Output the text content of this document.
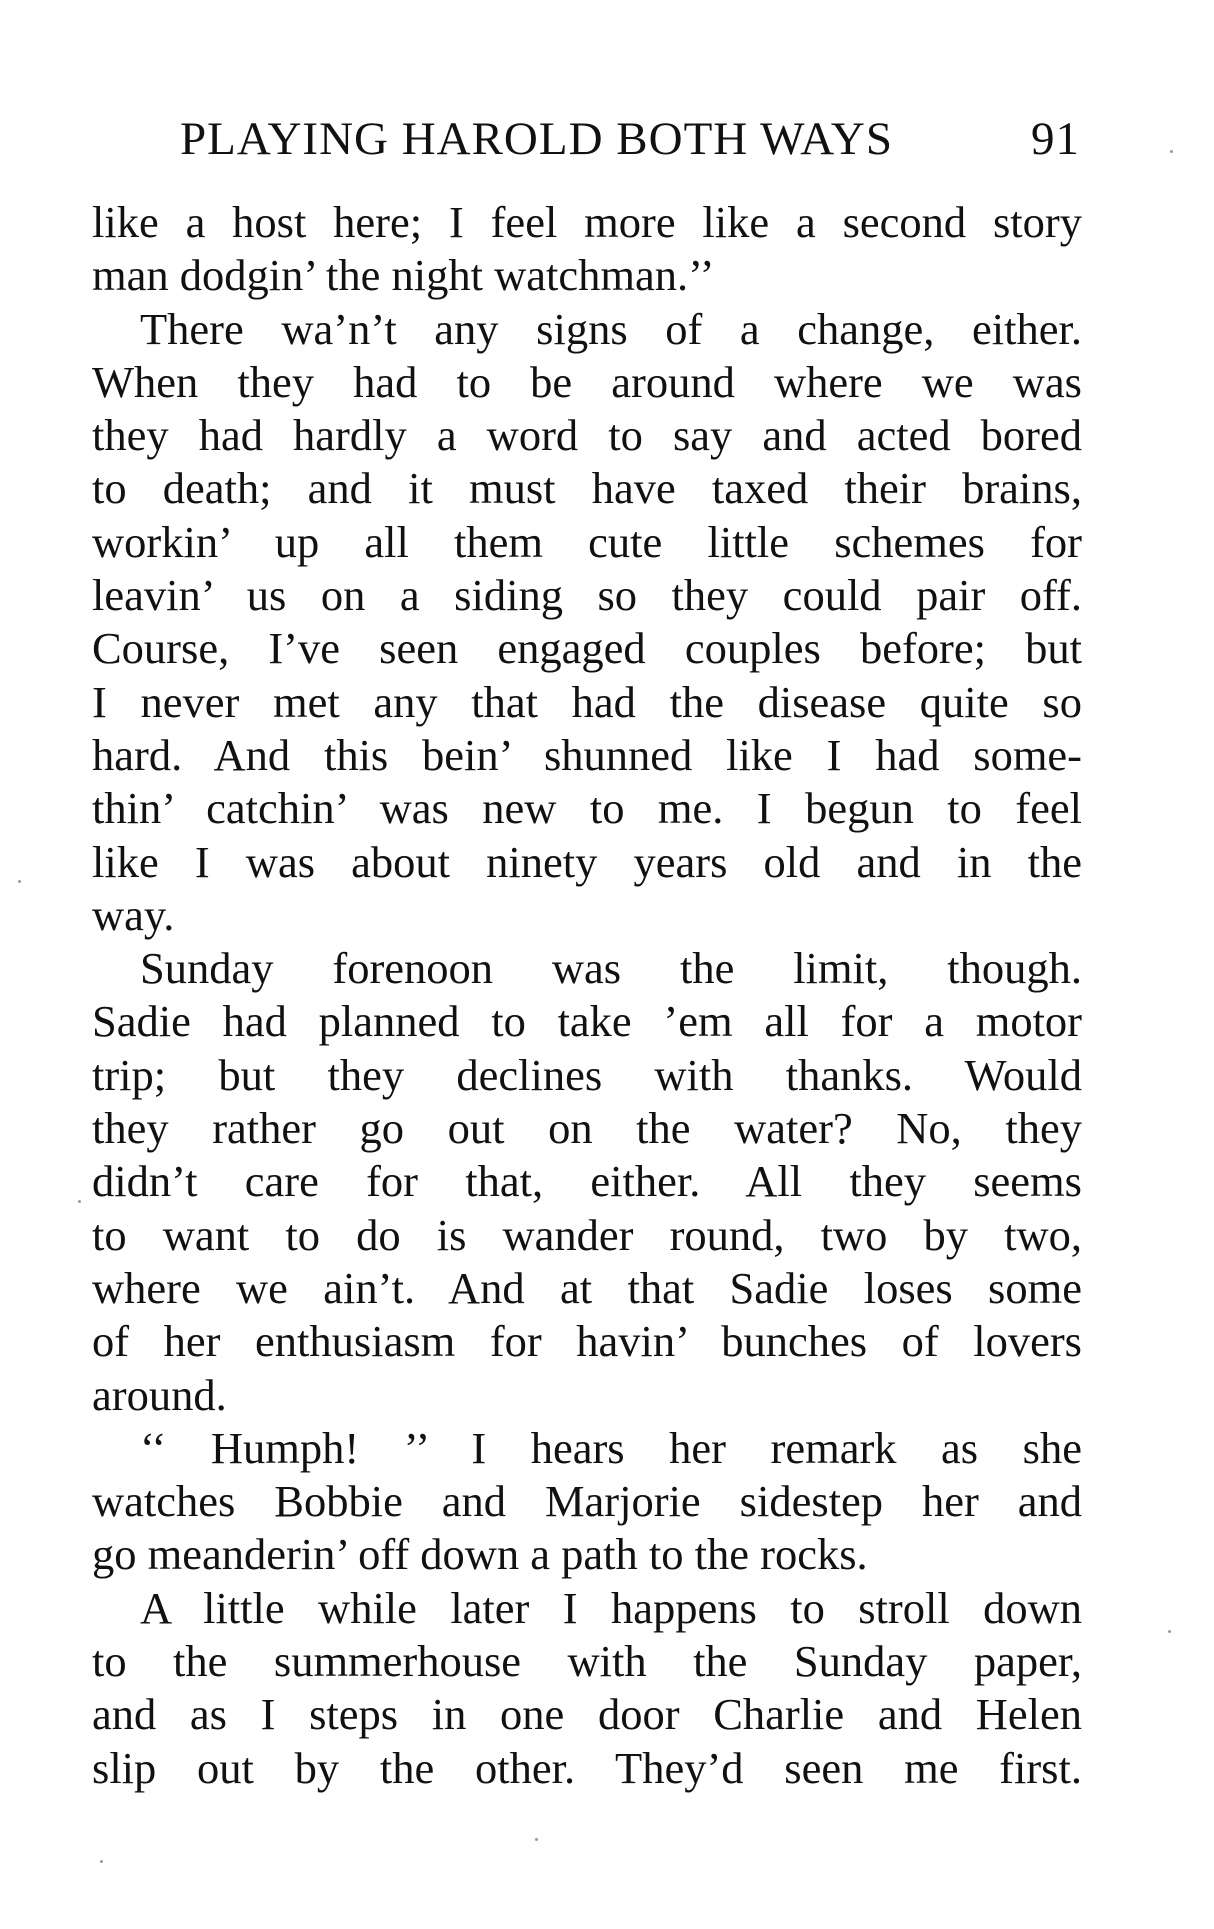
PLAYING HAROLD BOTH WAYS	91
like a host here; I feel more like a second story
man dodgin’ the night watchman.’’
There wa’n’t any signs of a change, either.
When they had to be around where we was
they had hardly a word to say and acted bored
to death; and it must have taxed their brains,
workin’ up all them cute little schemes for
leavin’ us on a siding so they could pair off.
Course, I’ve seen engaged couples before; but
I never met any that had the disease quite so
hard. And this bein’ shunned like I had some-
thin’ catchin’ was new to me. I begun to feel
like I was about ninety years old and in the
way.
Sunday forenoon was the limit, though.
Sadie had planned to take ’em all for a motor
trip; but they declines with thanks. Would
they rather go out on the water? No, they
didn’t care for that, either. All they seems
to want to do is wander round, two by two,
where we ain’t. And at that Sadie loses some
of her enthusiasm for havin’ bunches of lovers
around.
‘‘ Humph! ’’ I hears her remark as she
watches Bobbie and Marjorie sidestep her and
go meanderin’ off down a path to the rocks.
A little while later I happens to stroll down
to the summerhouse with the Sunday paper,
and as I steps in one door Charlie and Helen
slip out by the other. They’d seen me first.
